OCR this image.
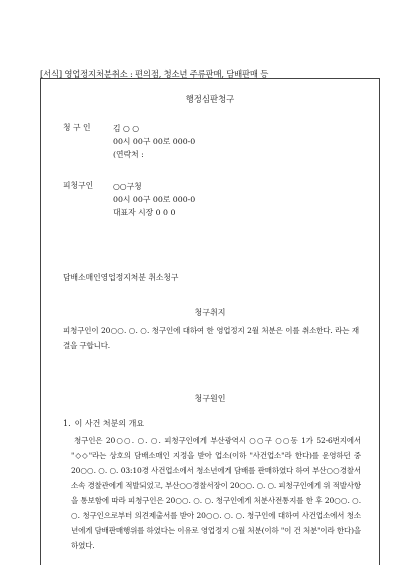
[서식] 영업정지처분취소 : 편의점, 청소년 주류판매, 담배판매 등
행정심판청구
청 구 인	김 ○ ○
00시 00구 00로 000-0
(연락처 :
피청구인	○○구청
00시 00구 00로 000-0
대표자 시장 0 0 0
담배소매인영업정지처분 취소청구
청구취지
피청구인이 20○○. ○. ○. 청구인에 대하여 한 영업정지 2월 처분은 이를 취소한다. 라는 재결을 구합니다.
청구원인
1. 이 사건 처분의 개요
청구인은 20○○. ○. ○. 피청구인에게 부산광역시 ○○구 ○○동 1가 52-6번지에서 "◇◇"라는 상호의 담배소매인 지정을 받아 업소(이하 "사건업소"라 한다)를 운영하던 중 20○○. ○. ○. 03:10경 사건업소에서 청소년에게 담배를 판매하였다 하여 부산○○경찰서 소속 경찰관에게 적발되었고, 부산○○경찰서장이 20○○. ○. ○. 피청구인에게 위 적발사항을 통보함에 따라 피청구인은 20○○. ○. ○. 청구인에게 처분사전통지를 한 후 20○○. ○. ○. 청구인으로부터 의견제출서를 받아 20○○. ○. ○. 청구인에 대하여 사건업소에서 청소년에게 담배판매행위를 하였다는 이유로 영업정지 ○월 처분(이하 "이 건 처분"이라 한다)을 하였다.
